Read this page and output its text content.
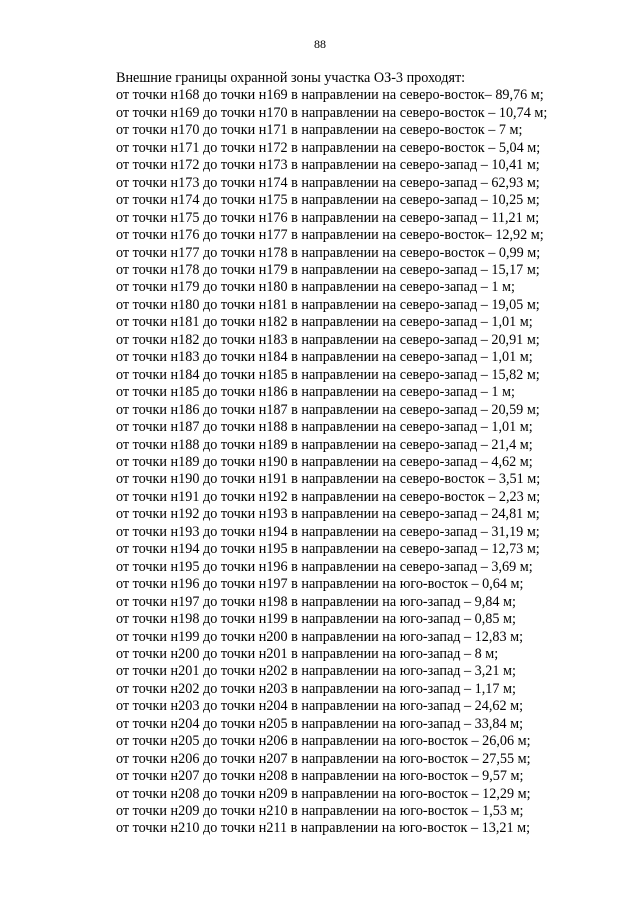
88
Внешние границы охранной зоны участка ОЗ-3 проходят:
от точки н168 до точки н169 в направлении на северо-восток– 89,76 м;
от точки н169 до точки н170 в направлении на северо-восток – 10,74 м;
от точки н170 до точки н171 в направлении на северо-восток – 7 м;
от точки н171 до точки н172 в направлении на северо-восток – 5,04 м;
от точки н172 до точки н173 в направлении на северо-запад – 10,41 м;
от точки н173 до точки н174 в направлении на северо-запад – 62,93 м;
от точки н174 до точки н175 в направлении на северо-запад – 10,25 м;
от точки н175 до точки н176 в направлении на северо-запад – 11,21 м;
от точки н176 до точки н177 в направлении на северо-восток– 12,92 м;
от точки н177 до точки н178 в направлении на северо-восток – 0,99 м;
от точки н178 до точки н179 в направлении на северо-запад – 15,17 м;
от точки н179 до точки н180 в направлении на северо-запад – 1 м;
от точки н180 до точки н181 в направлении на северо-запад – 19,05 м;
от точки н181 до точки н182 в направлении на северо-запад – 1,01 м;
от точки н182 до точки н183 в направлении на северо-запад – 20,91 м;
от точки н183 до точки н184 в направлении на северо-запад – 1,01 м;
от точки н184 до точки н185 в направлении на северо-запад – 15,82 м;
от точки н185 до точки н186 в направлении на северо-запад – 1 м;
от точки н186 до точки н187 в направлении на северо-запад – 20,59 м;
от точки н187 до точки н188 в направлении на северо-запад – 1,01 м;
от точки н188 до точки н189 в направлении на северо-запад – 21,4 м;
от точки н189 до точки н190 в направлении на северо-запад – 4,62 м;
от точки н190 до точки н191 в направлении на северо-восток – 3,51 м;
от точки н191 до точки н192 в направлении на северо-восток – 2,23 м;
от точки н192 до точки н193 в направлении на северо-запад – 24,81 м;
от точки н193 до точки н194 в направлении на северо-запад – 31,19 м;
от точки н194 до точки н195 в направлении на северо-запад – 12,73 м;
от точки н195 до точки н196 в направлении на северо-запад – 3,69 м;
от точки н196 до точки н197 в направлении на юго-восток – 0,64 м;
от точки н197 до точки н198 в направлении на юго-запад – 9,84 м;
от точки н198 до точки н199 в направлении на юго-запад – 0,85 м;
от точки н199 до точки н200 в направлении на юго-запад – 12,83 м;
от точки н200 до точки н201 в направлении на юго-запад – 8 м;
от точки н201 до точки н202 в направлении на юго-запад – 3,21 м;
от точки н202 до точки н203 в направлении на юго-запад – 1,17 м;
от точки н203 до точки н204 в направлении на юго-запад – 24,62 м;
от точки н204 до точки н205 в направлении на юго-запад – 33,84 м;
от точки н205 до точки н206 в направлении на юго-восток – 26,06 м;
от точки н206 до точки н207 в направлении на юго-восток – 27,55 м;
от точки н207 до точки н208 в направлении на юго-восток – 9,57 м;
от точки н208 до точки н209 в направлении на юго-восток – 12,29 м;
от точки н209 до точки н210 в направлении на юго-восток – 1,53 м;
от точки н210 до точки н211 в направлении на юго-восток – 13,21 м;
